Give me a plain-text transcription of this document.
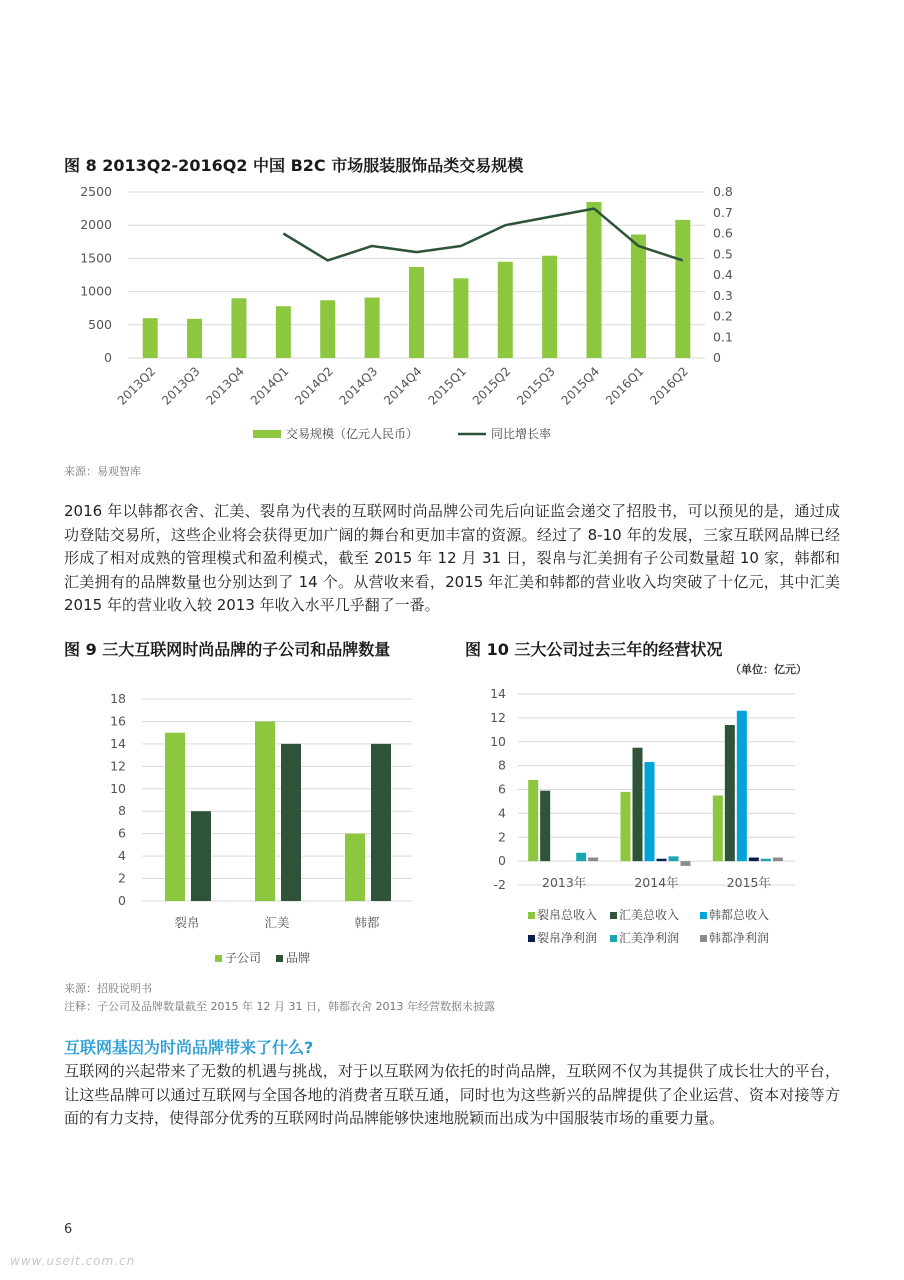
图 8 2013Q2-2016Q2 中国 B2C 市场服装服饰品类交易规模
0
500
1000
1500
2000
2500
0
0.1
0.2
0.3
0.4
0.5
0.6
0.7
0.8
2013Q2 2013Q3 2013Q4 2014Q1 2014Q2 2014Q3 2014Q4 2015Q1 2015Q2 2015Q3 2015Q4 2016Q1 2016Q2
交易规模（亿元人民币）	同比增长率
来源：易观智库
2016 年以韩都衣舍、汇美、裂帛为代表的互联网时尚品牌公司先后向证监会递交了招股书，可以预见的是，通过成功登陆交易所，这些企业将会获得更加广阔的舞台和更加丰富的资源。经过了 8-10 年的发展，三家互联网品牌已经形成了相对成熟的管理模式和盈利模式，截至 2015 年 12 月 31 日，裂帛与汇美拥有子公司数量超 10 家，韩都和汇美拥有的品牌数量也分别达到了 14 个。从营收来看，2015 年汇美和韩都的营业收入均突破了十亿元，其中汇美 2015 年的营业收入较 2013 年收入水平几乎翻了一番。
图 9 三大互联网时尚品牌的子公司和品牌数量	图 10 三大公司过去三年的经营状况
（单位：亿元）
0
2
4
6
8
10
12
14
16
18
裂帛	汇美	韩都
子公司 品牌
-2
0
2
4
6
8
10
12
14
2013年	2014年	2015年
裂帛总收入 汇美总收入 韩都总收入
裂帛净利润 汇美净利润 韩都净利润
来源：招股说明书
注释：子公司及品牌数量截至 2015 年 12 月 31 日，韩都衣舍 2013 年经营数据未披露
互联网基因为时尚品牌带来了什么?
互联网的兴起带来了无数的机遇与挑战，对于以互联网为依托的时尚品牌，互联网不仅为其提供了成长壮大的平台，让这些品牌可以通过互联网与全国各地的消费者互联互通，同时也为这些新兴的品牌提供了企业运营、资本对接等方面的有力支持，使得部分优秀的互联网时尚品牌能够快速地脱颖而出成为中国服装市场的重要力量。
6
www.useit.com.cn
